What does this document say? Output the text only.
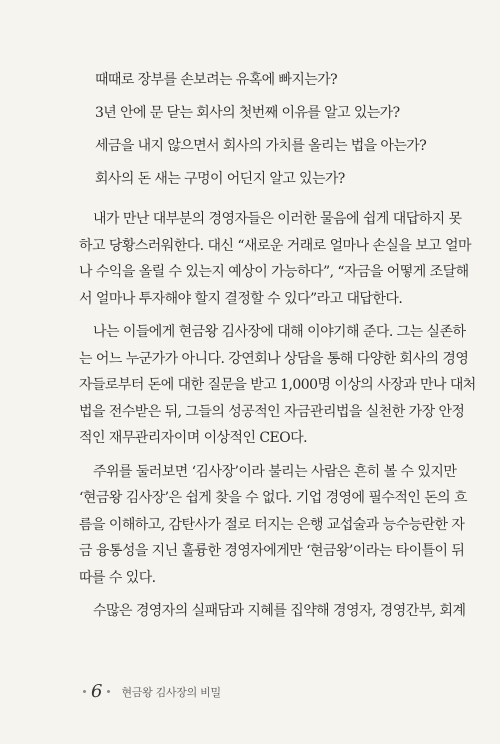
때때로 장부를 손보려는 유혹에 빠지는가?
3년 안에 문 닫는 회사의 첫번째 이유를 알고 있는가?
세금을 내지 않으면서 회사의 가치를 올리는 법을 아는가?
회사의 돈 새는 구멍이 어딘지 알고 있는가?
내가 만난 대부분의 경영자들은 이러한 물음에 쉽게 대답하지 못
하고 당황스러워한다. 대신 “새로운 거래로 얼마나 손실을 보고 얼마
나 수익을 올릴 수 있는지 예상이 가능하다”, “자금을 어떻게 조달해
서 얼마나 투자해야 할지 결정할 수 있다”라고 대답한다.
나는 이들에게 현금왕 김사장에 대해 이야기해 준다. 그는 실존하
는 어느 누군가가 아니다. 강연회나 상담을 통해 다양한 회사의 경영
자들로부터 돈에 대한 질문을 받고 1,000명 이상의 사장과 만나 대처
법을 전수받은 뒤, 그들의 성공적인 자금관리법을 실천한 가장 안정
적인 재무관리자이며 이상적인 CEO다.
주위를 둘러보면 ‘김사장’이라 불리는 사람은 흔히 볼 수 있지만
‘현금왕 김사장’은 쉽게 찾을 수 없다. 기업 경영에 필수적인 돈의 흐
름을 이해하고, 감탄사가 절로 터지는 은행 교섭술과 능수능란한 자
금 융통성을 지닌 훌륭한 경영자에게만 ‘현금왕’이라는 타이틀이 뒤
따를 수 있다.
수많은 경영자의 실패담과 지혜를 집약해 경영자, 경영간부, 회계
6 현금왕 김사장의 비밀
